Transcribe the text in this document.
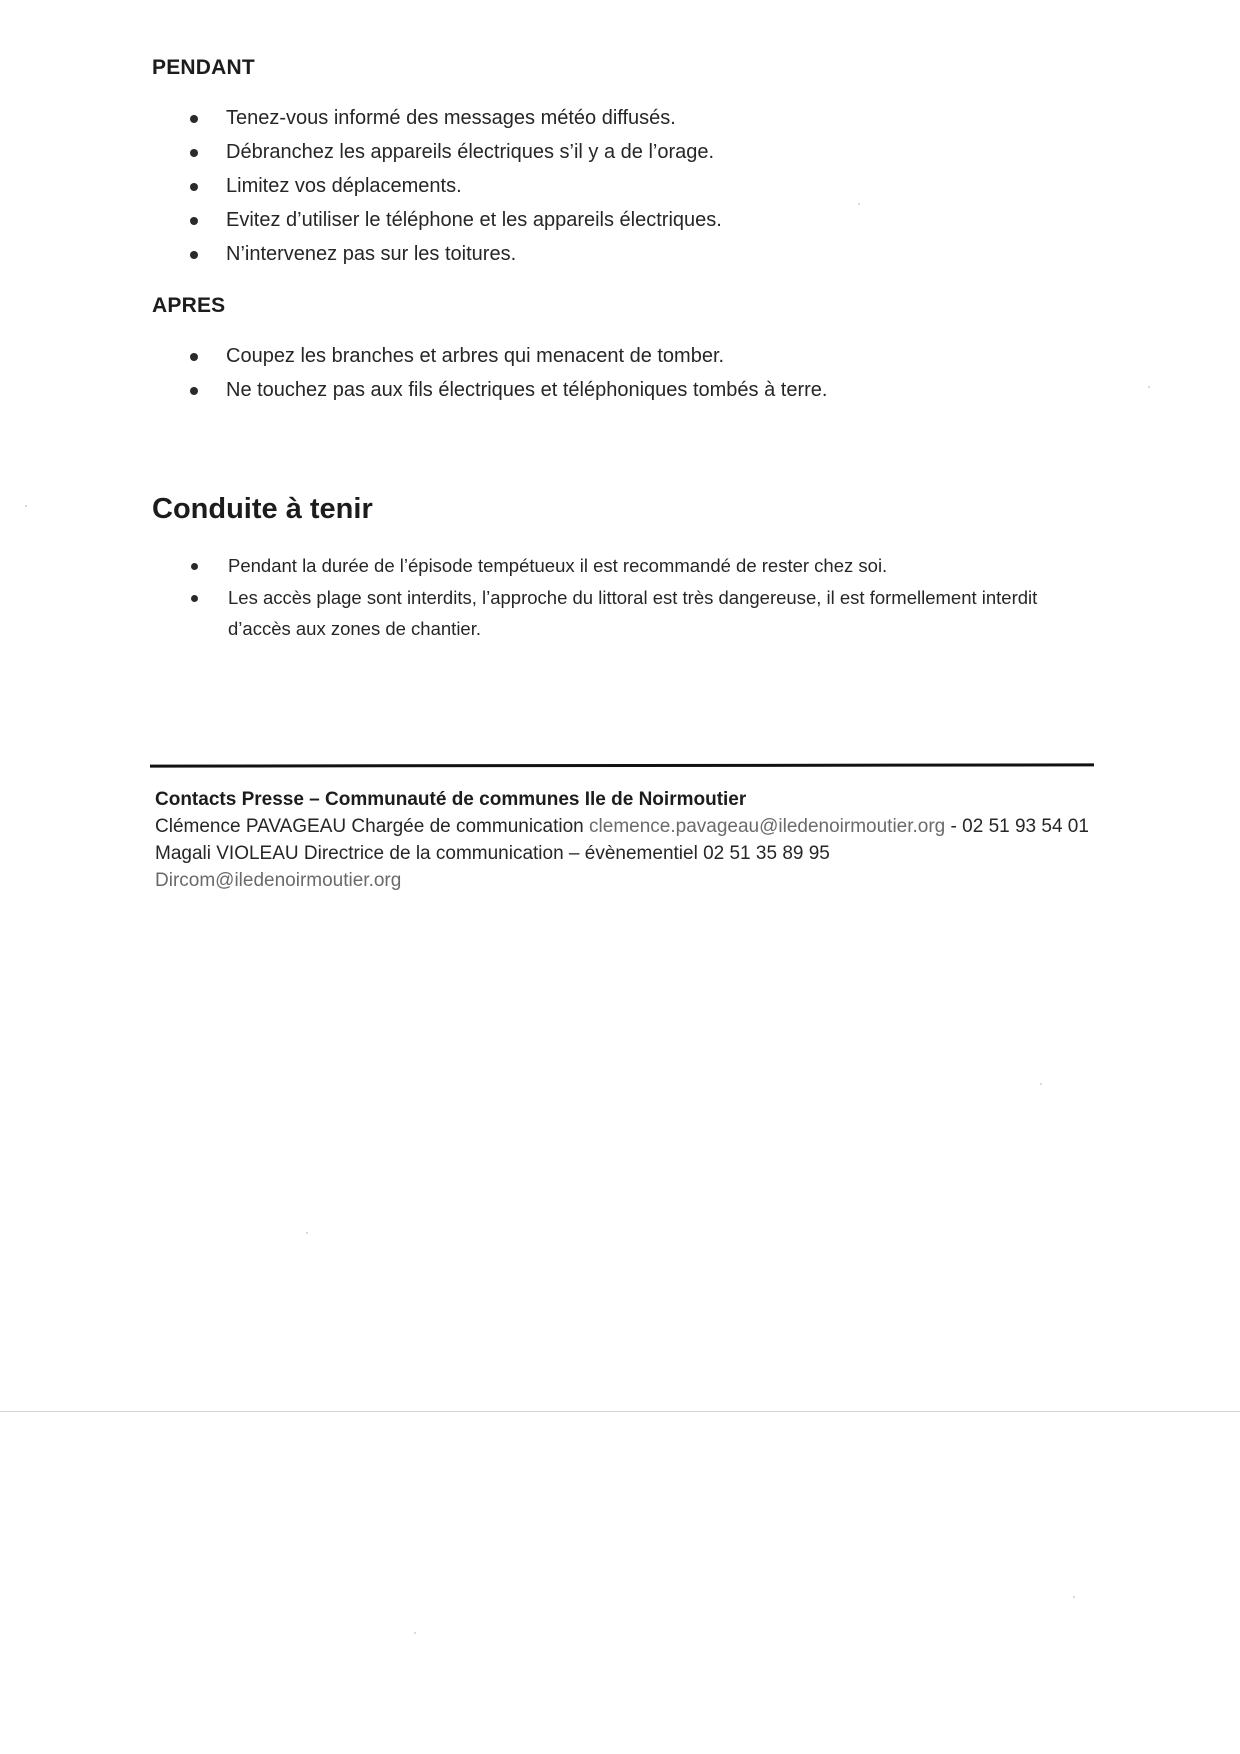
PENDANT
Tenez-vous informé des messages météo diffusés.
Débranchez les appareils électriques s’il y a de l’orage.
Limitez vos déplacements.
Evitez d’utiliser le téléphone et les appareils électriques.
N’intervenez pas sur les toitures.
APRES
Coupez les branches et arbres qui menacent de tomber.
Ne touchez pas aux fils électriques et téléphoniques tombés à terre.
Conduite à tenir
Pendant la durée de l’épisode tempétueux il est recommandé de rester chez soi.
Les accès plage sont interdits, l’approche du littoral est très dangereuse, il est formellement interdit d’accès aux zones de chantier.
Contacts Presse – Communauté de communes Ile de Noirmoutier
Clémence PAVAGEAU Chargée de communication clemence.pavageau@iledenoirmoutier.org - 02 51 93 54 01
Magali VIOLEAU Directrice de la communication – évènementiel 02 51 35 89 95
Dircom@iledenoirmoutier.org
